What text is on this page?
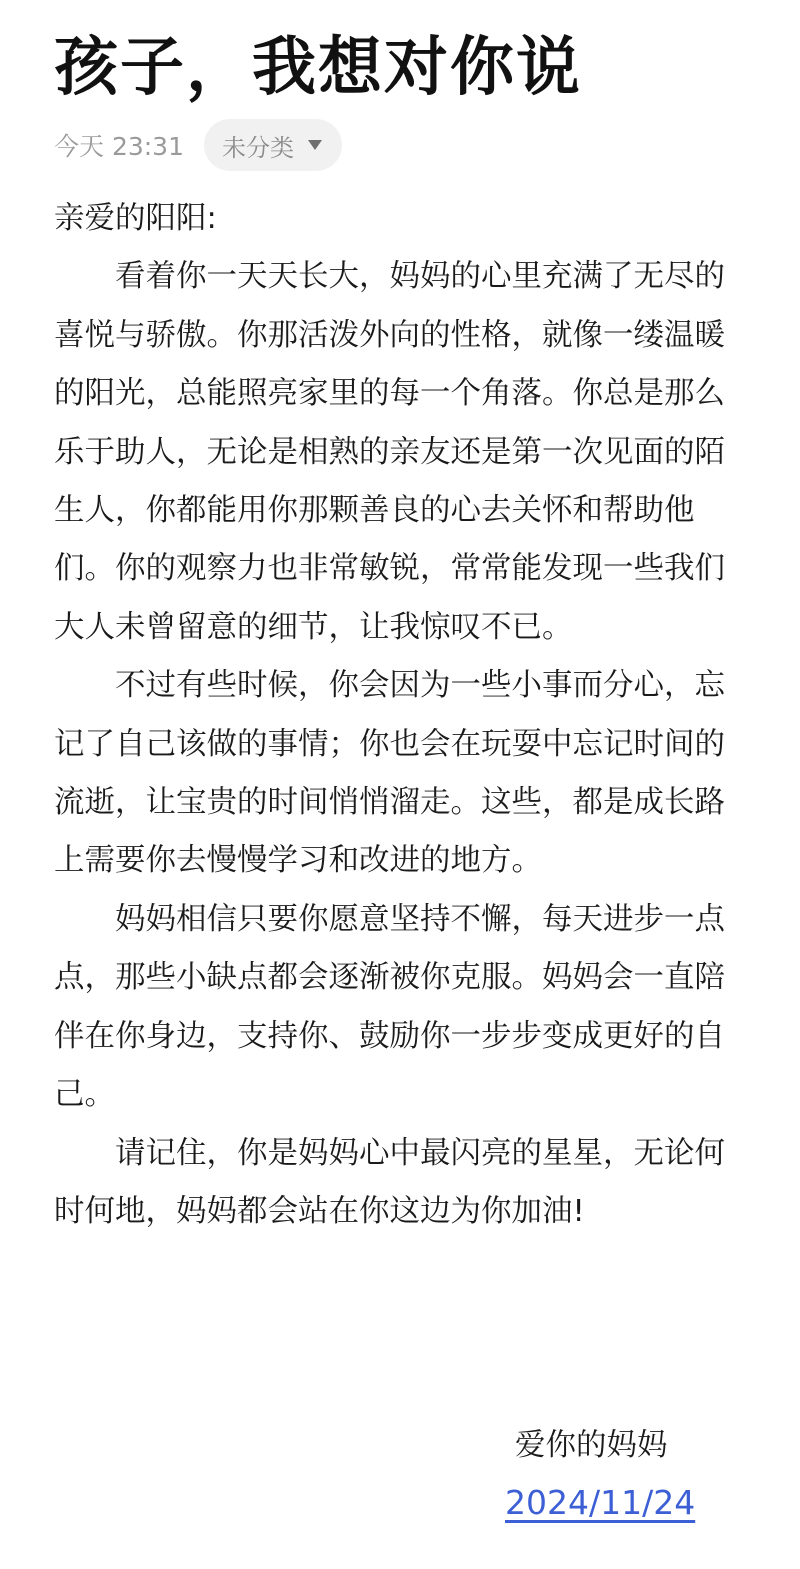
孩子，我想对你说
今天 23:31 未分类

亲爱的阳阳:

看着你一天天长大，妈妈的心里充满了无尽的喜悦与骄傲。你那活泼外向的性格，就像一缕温暖的阳光，总能照亮家里的每一个角落。你总是那么乐于助人，无论是相熟的亲友还是第一次见面的陌生人，你都能用你那颗善良的心去关怀和帮助他们。你的观察力也非常敏锐，常常能发现一些我们大人未曾留意的细节，让我惊叹不已。

不过有些时候，你会因为一些小事而分心，忘记了自己该做的事情；你也会在玩耍中忘记时间的流逝，让宝贵的时间悄悄溜走。这些，都是成长路上需要你去慢慢学习和改进的地方。

妈妈相信只要你愿意坚持不懈，每天进步一点点，那些小缺点都会逐渐被你克服。妈妈会一直陪伴在你身边，支持你、鼓励你一步步变成更好的自己。

请记住，你是妈妈心中最闪亮的星星，无论何时何地，妈妈都会站在你这边为你加油!

爱你的妈妈
2024/11/24
